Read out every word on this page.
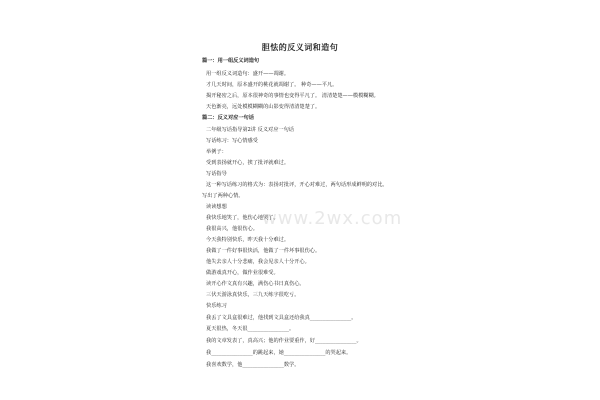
www.2wx.com
胆怯的反义词和造句
篇一：用一组反义词造句
用一组反义词造句：盛开——凋谢。
才几天时间，原本盛开的桃花就凋谢了。 种奇——平凡。
揭开秘密之后，原本很神奇的事情也变得平凡了。 清清楚楚——模模糊糊。
天色渐亮，远处模模糊糊的山影变得清清楚楚了。
篇二：反义对应一句话
二年级写话指导第2讲 反义对应一句话
写话练习：写心情感受
举例子：
受到表扬就开心，挨了批评就难过。
写话指导
这一种写话练习的格式为：表扬对批评，开心对难过，两句话形成鲜明的对比。
写出了两种心情。
读读想想
我快乐地笑了，他伤心地哭了。
我很高兴，他很伤心。
今天我特别快乐，昨天我十分难过。
我做了一件好事很快活，他做了一件坏事很伤心。
他失去亲人十分悲痛，我会见亲人十分开心。
做游戏真开心，做作业很难受。
读开心作文真有兴趣，满伤心书日真伤心。
三伏天游泳真快乐，三九天练字很吃亏。
快乐练习
我丢了文具盒很难过，他找到文具盒还给我真________________。
夏天很热，冬天很________________。
我的文章发表了，真高兴；他的作业要重作，好________________。
我________________的跳起来，她________________的哭起来。
我喜欢数学，他________________数学。
